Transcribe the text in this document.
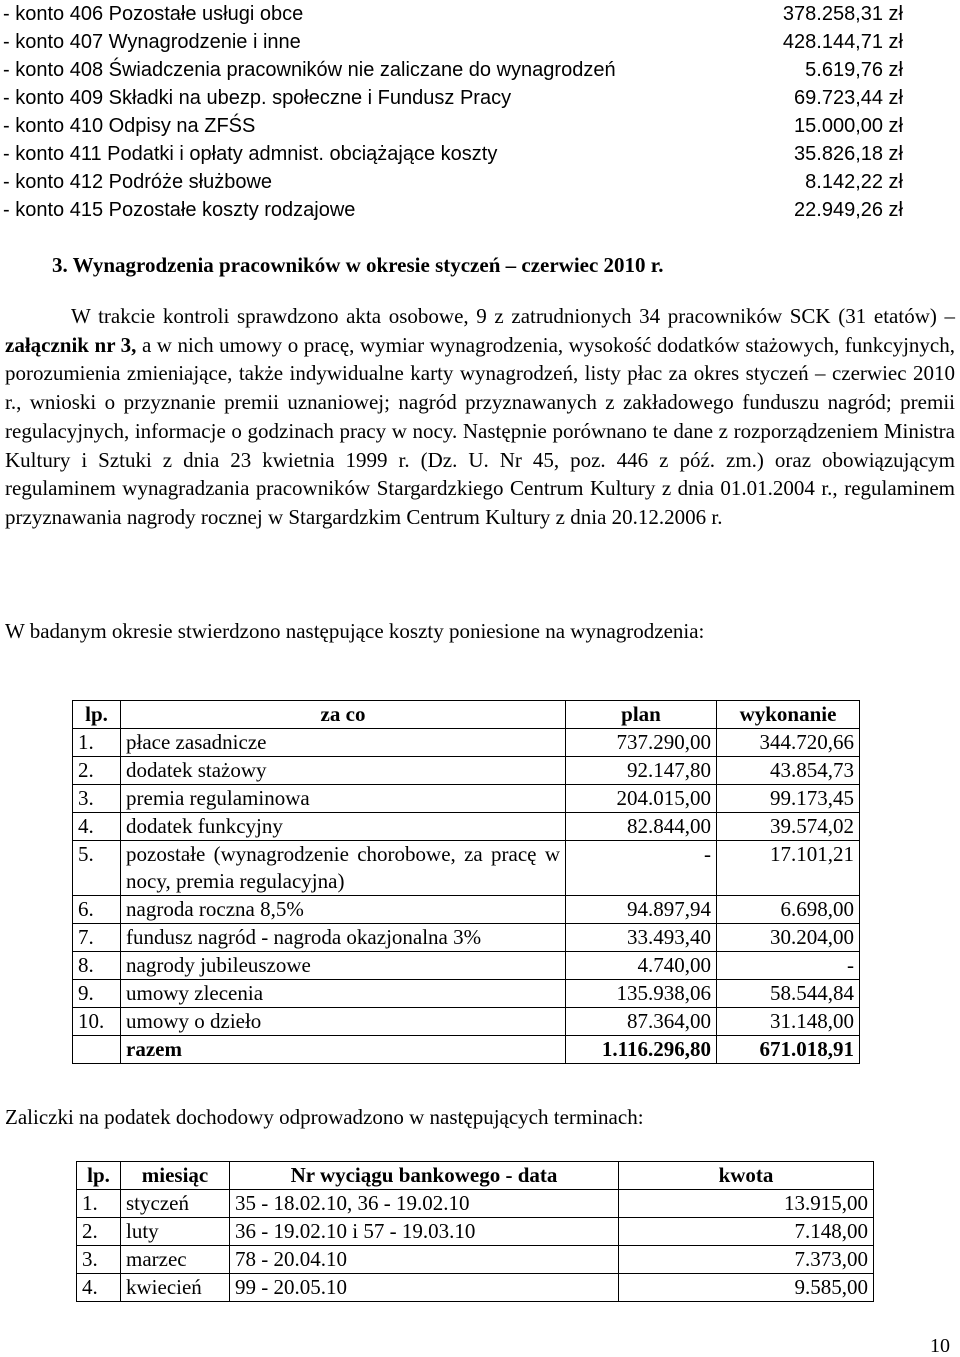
- konto 406 Pozostałe usługi obce	378.258,31 zł
- konto 407 Wynagrodzenie i inne	428.144,71 zł
- konto 408 Świadczenia pracowników nie zaliczane do wynagrodzeń	5.619,76 zł
- konto 409 Składki na ubezp. społeczne i Fundusz Pracy	69.723,44 zł
- konto 410 Odpisy na ZFŚS	15.000,00 zł
- konto 411 Podatki i opłaty admnist. obciążające koszty	35.826,18 zł
- konto 412 Podróże służbowe	8.142,22 zł
- konto 415 Pozostałe koszty rodzajowe	22.949,26 zł
3. Wynagrodzenia pracowników w okresie styczeń – czerwiec 2010 r.
W trakcie kontroli sprawdzono akta osobowe, 9 z zatrudnionych 34 pracowników SCK (31 etatów) – załącznik nr 3, a w nich umowy o pracę, wymiar wynagrodzenia, wysokość dodatków stażowych, funkcyjnych, porozumienia zmieniające, także indywidualne karty wynagrodzeń, listy płac za okres styczeń – czerwiec 2010 r., wnioski o przyznanie premii uznaniowej; nagród przyznawanych z zakładowego funduszu nagród; premii regulacyjnych, informacje o godzinach pracy w nocy. Następnie porównano te dane z rozporządzeniem Ministra Kultury i Sztuki z dnia 23 kwietnia 1999 r. (Dz. U. Nr 45, poz. 446 z póź. zm.) oraz obowiązującym regulaminem wynagradzania pracowników Stargardzkiego Centrum Kultury z dnia 01.01.2004 r., regulaminem przyznawania nagrody rocznej w Stargardzkim Centrum Kultury z dnia 20.12.2006 r.
W badanym okresie stwierdzono następujące koszty poniesione na wynagrodzenia:
lp.	za co	plan	wykonanie
1.	płace zasadnicze	737.290,00	344.720,66
2.	dodatek stażowy	92.147,80	43.854,73
3.	premia regulaminowa	204.015,00	99.173,45
4.	dodatek funkcyjny	82.844,00	39.574,02
5.	pozostałe (wynagrodzenie chorobowe, za pracę w nocy, premia regulacyjna)	-	17.101,21
6.	nagroda roczna 8,5%	94.897,94	6.698,00
7.	fundusz nagród - nagroda okazjonalna 3%	33.493,40	30.204,00
8.	nagrody jubileuszowe	4.740,00	-
9.	umowy zlecenia	135.938,06	58.544,84
10.	umowy o dzieło	87.364,00	31.148,00
	razem	1.116.296,80	671.018,91
Zaliczki na podatek dochodowy odprowadzono w następujących terminach:
lp.	miesiąc	Nr wyciągu bankowego - data	kwota
1.	styczeń	35 - 18.02.10, 36 - 19.02.10	13.915,00
2.	luty	36 - 19.02.10 i 57 - 19.03.10	7.148,00
3.	marzec	78 - 20.04.10	7.373,00
4.	kwiecień	99 - 20.05.10	9.585,00
10
